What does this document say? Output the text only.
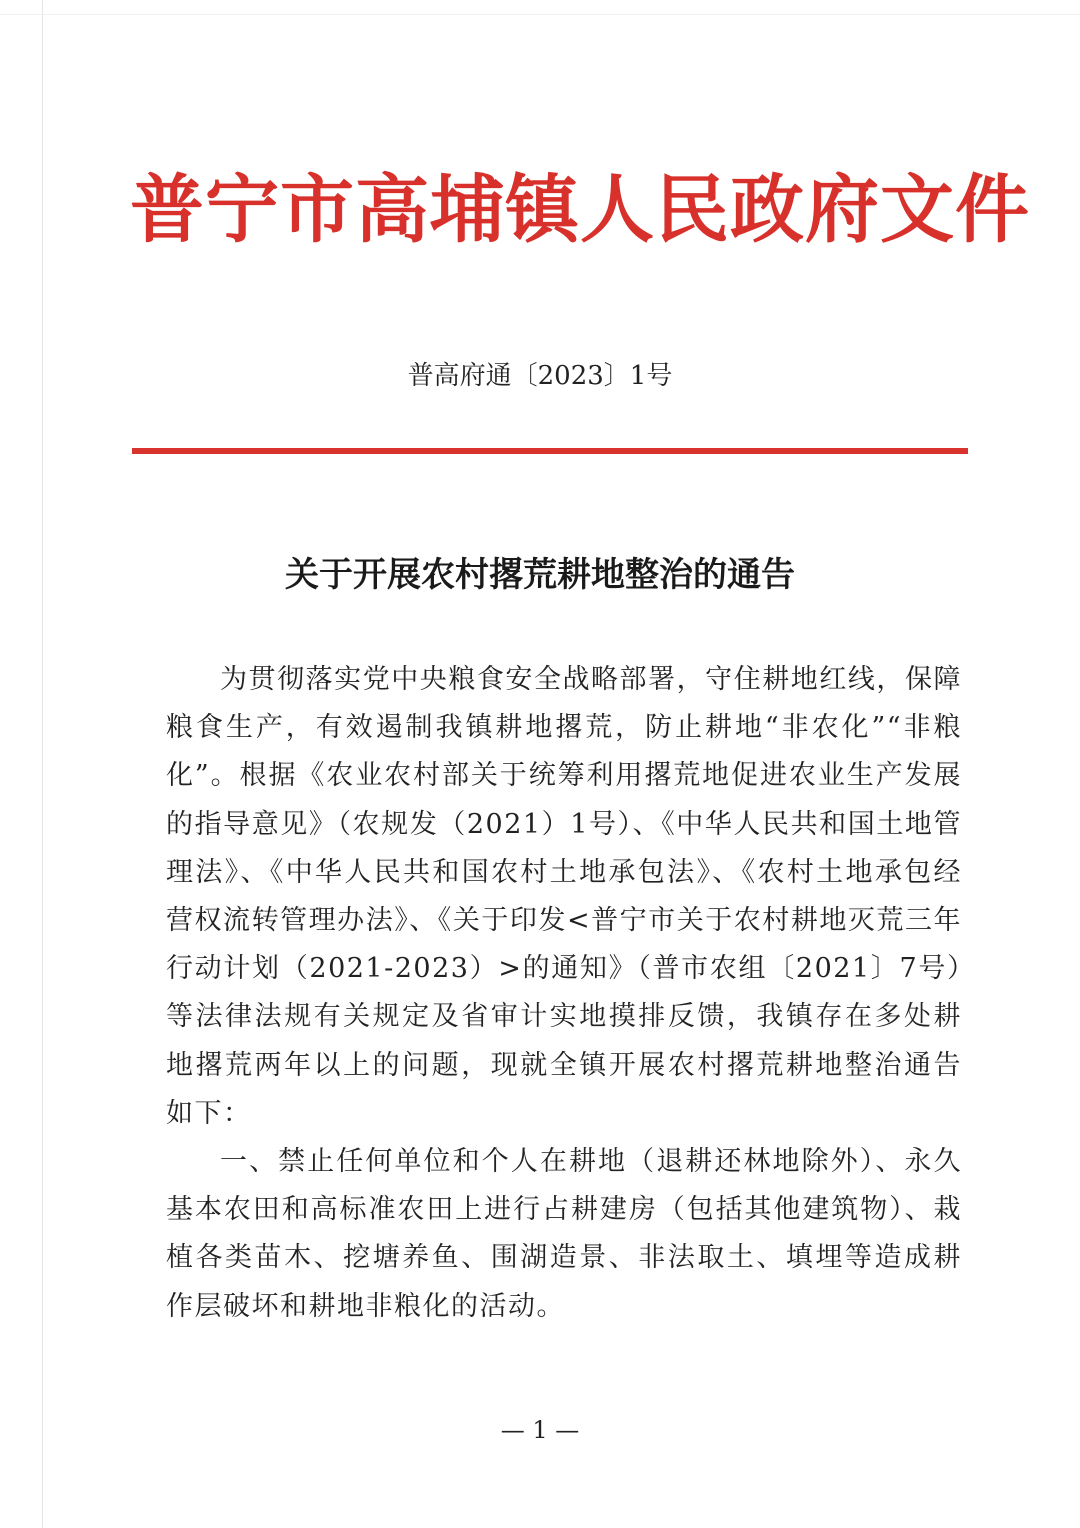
普宁市高埔镇人民政府文件
普高府通〔2023〕1号
关于开展农村撂荒耕地整治的通告

为贯彻落实党中央粮食安全战略部署，守住耕地红线，保障粮食生产，有效遏制我镇耕地撂荒，防止耕地“非农化”“非粮化”。根据《农业农村部关于统筹利用撂荒地促进农业生产发展的指导意见》（农规发（2021）1号）、《中华人民共和国土地管理法》、《中华人民共和国农村土地承包法》、《农村土地承包经营权流转管理办法》、《关于印发<普宁市关于农村耕地灭荒三年行动计划（2021-2023）>的通知》（普市农组〔2021〕7号）等法律法规有关规定及省审计实地摸排反馈，我镇存在多处耕地撂荒两年以上的问题，现就全镇开展农村撂荒耕地整治通告如下：

一、禁止任何单位和个人在耕地（退耕还林地除外）、永久基本农田和高标准农田上进行占耕建房（包括其他建筑物）、栽植各类苗木、挖塘养鱼、围湖造景、非法取土、填埋等造成耕作层破坏和耕地非粮化的活动。

— 1 —
